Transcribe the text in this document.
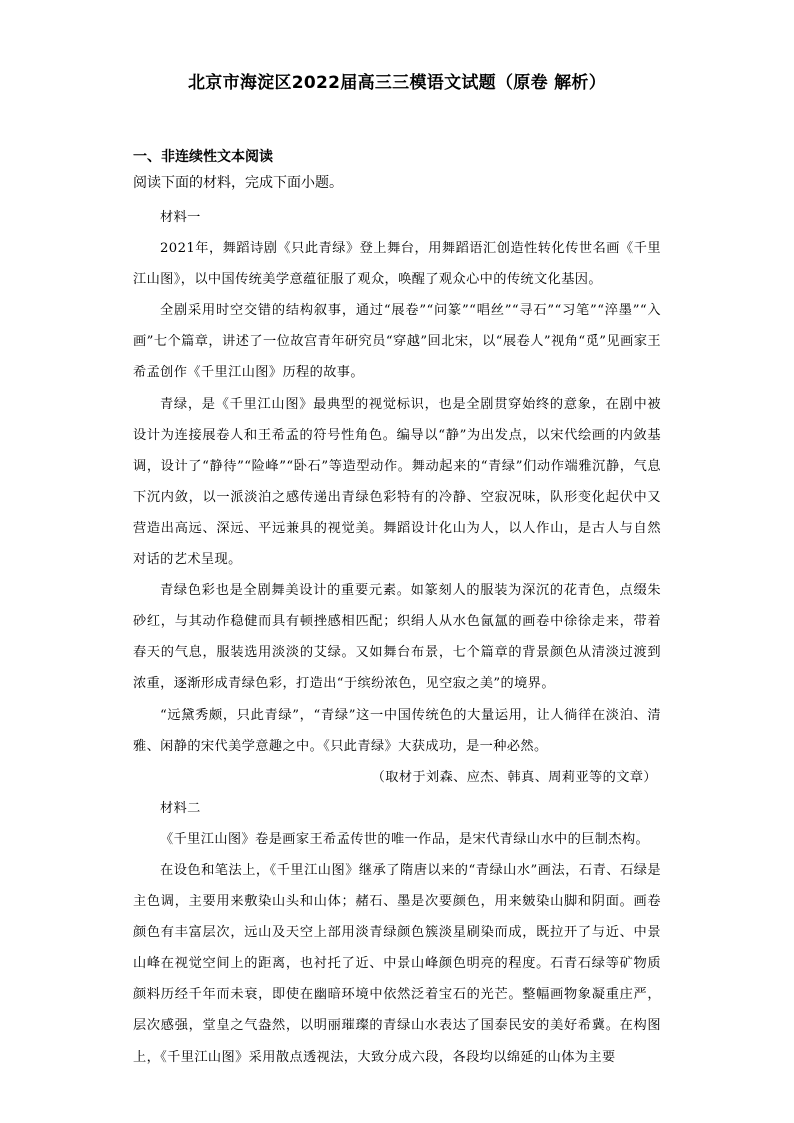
北京市海淀区2022届高三三模语文试题（原卷 解析）
一、非连续性文本阅读
阅读下面的材料，完成下面小题。

材料一

2021年，舞蹈诗剧《只此青绿》登上舞台，用舞蹈语汇创造性转化传世名画《千里江山图》，以中国传统美学意蕴征服了观众，唤醒了观众心中的传统文化基因。

全剧采用时空交错的结构叙事，通过“展卷”“问篆”“唱丝”“寻石”“习笔”“淬墨”“入画”七个篇章，讲述了一位故宫青年研究员“穿越”回北宋，以“展卷人”视角“觅”见画家王希孟创作《千里江山图》历程的故事。

青绿，是《千里江山图》最典型的视觉标识，也是全剧贯穿始终的意象，在剧中被设计为连接展卷人和王希孟的符号性角色。编导以“静”为出发点，以宋代绘画的内敛基调，设计了“静待”“险峰”“卧石”等造型动作。舞动起来的“青绿”们动作端雅沉静，气息下沉内敛，以一派淡泊之感传递出青绿色彩特有的冷静、空寂况味，队形变化起伏中又营造出高远、深远、平远兼具的视觉美。舞蹈设计化山为人，以人作山，是古人与自然对话的艺术呈现。

青绿色彩也是全剧舞美设计的重要元素。如篆刻人的服装为深沉的花青色，点缀朱砂红，与其动作稳健而具有顿挫感相匹配；织绢人从水色氤氲的画卷中徐徐走来，带着春天的气息，服装选用淡淡的艾绿。又如舞台布景，七个篇章的背景颜色从清淡过渡到浓重，逐渐形成青绿色彩，打造出“于缤纷浓色，见空寂之美”的境界。

“远黛秀颇，只此青绿”，“青绿”这一中国传统色的大量运用，让人徜徉在淡泊、清雅、闲静的宋代美学意趣之中。《只此青绿》大获成功，是一种必然。

（取材于刘森、应杰、韩真、周莉亚等的文章）

材料二

《千里江山图》卷是画家王希孟传世的唯一作品，是宋代青绿山水中的巨制杰构。

在设色和笔法上，《千里江山图》继承了隋唐以来的“青绿山水”画法，石青、石绿是主色调，主要用来敷染山头和山体；赭石、墨是次要颜色，用来皴染山脚和阴面。画卷颜色有丰富层次，远山及天空上部用淡青绿颜色簇淡星刷染而成，既拉开了与近、中景山峰在视觉空间上的距离，也衬托了近、中景山峰颜色明亮的程度。石青石绿等矿物质颜料历经千年而未衰，即使在幽暗环境中依然泛着宝石的光芒。整幅画物象凝重庄严，层次感强，堂皇之气盎然，以明丽璀璨的青绿山水表达了国泰民安的美好希冀。在构图上，《千里江山图》采用散点透视法，大致分成六段，各段均以绵延的山体为主要
